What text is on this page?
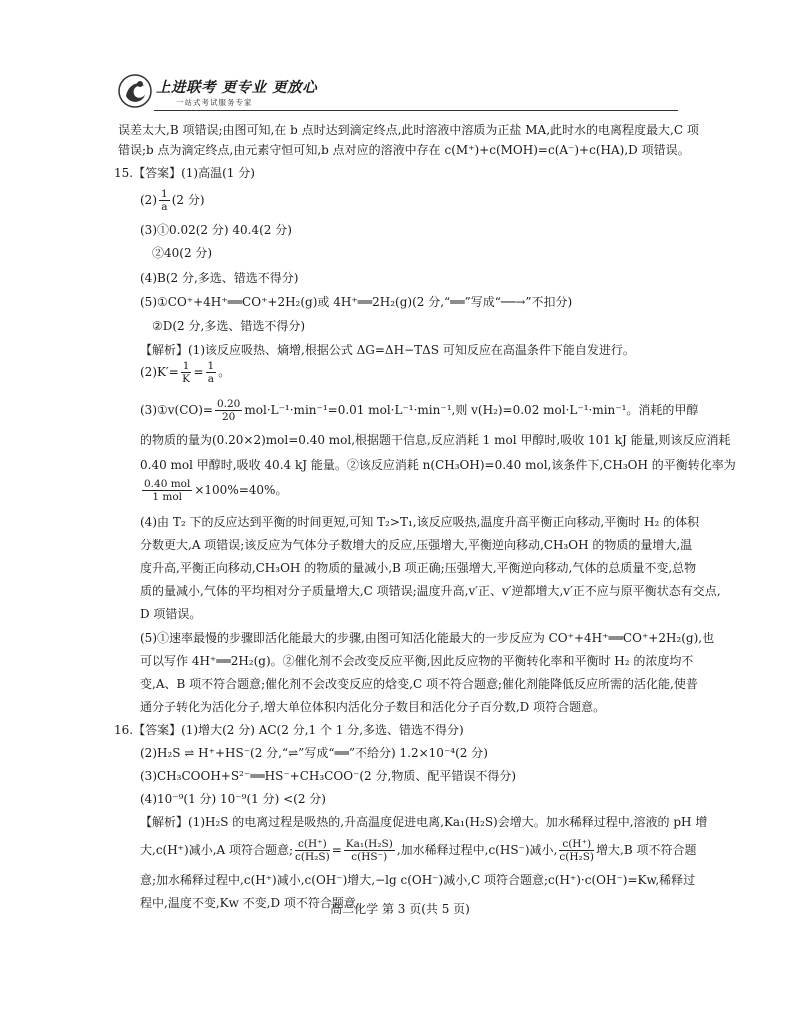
上进联考 更专业 更放心
一站式考试服务专家
误差太大,B 项错误;由图可知,在 b 点时达到滴定终点,此时溶液中溶质为正盐 MA,此时水的电离程度最大,C 项
错误;b 点为滴定终点,由元素守恒可知,b 点对应的溶液中存在 c(M⁺)+c(MOH)=c(A⁻)+c(HA),D 项错误。
15.【答案】(1)高温(1 分)
$(2) \frac{1}{a} (2$ 分)
(3)①0.02(2 分) 40.4(2 分)
②40(2 分)
(4)B(2 分,多选、错选不得分)
(5)①CO⁺+4H⁺══CO⁺+2H₂(g)或 4H⁺══2H₂(g)(2 分,“══”写成“──→”不扣分)
②D(2 分,多选、错选不得分)
【解析】(1)该反应吸热、熵增,根据公式 ΔG=ΔH−TΔS 可知反应在高温条件下能自发进行。
$(2)K'= \frac{1}{K} = \frac{1}{a}$ 。
(3)①v(CO)= $\frac{0.20}{20} mol\cdot L^{-1}\cdot\min^{-1}=0.01$ mol·L⁻¹·min⁻¹,则 v(H₂)=0.02 mol·L⁻¹·min⁻¹。消耗的甲醇
的物质的量为(0.20×2)mol=0.40 mol,根据题干信息,反应消耗 1 mol 甲醇时,吸收 101 kJ 能量,则该反应消耗
0.40 mol 甲醇时,吸收 40.4 kJ 能量。②该反应消耗 n(CH₃OH)=0.40 mol,该条件下,CH₃OH 的平衡转化率为
$\frac{\text{0.40 mol}}{\text{1 mol}} \times 100\%=40\%$。
(4)由 T₂ 下的反应达到平衡的时间更短,可知 T₂>T₁,该反应吸热,温度升高平衡正向移动,平衡时 H₂ 的体积
分数更大,A 项错误;该反应为气体分子数增大的反应,压强增大,平衡逆向移动,CH₃OH 的物质的量增大,温
度升高,平衡正向移动,CH₃OH 的物质的量减小,B 项正确;压强增大,平衡逆向移动,气体的总质量不变,总物
质的量减小,气体的平均相对分子质量增大,C 项错误;温度升高,v′正、v′逆都增大,v′正不应与原平衡状态有交点,
D 项错误。
(5)①速率最慢的步骤即活化能最大的步骤,由图可知活化能最大的一步反应为 CO⁺+4H⁺══CO⁺+2H₂(g),也
可以写作 4H⁺══2H₂(g)。②催化剂不会改变反应平衡,因此反应物的平衡转化率和平衡时 H₂ 的浓度均不
变,A、B 项不符合题意;催化剂不会改变反应的焓变,C 项不符合题意;催化剂能降低反应所需的活化能,使普
通分子转化为活化分子,增大单位体积内活化分子数目和活化分子百分数,D 项符合题意。
16.【答案】(1)增大(2 分) AC(2 分,1 个 1 分,多选、错选不得分)
(2)H₂S ⇌ H⁺+HS⁻(2 分,“⇌”写成“══”不给分) 1.2×10⁻⁴(2 分)
(3)CH₃COOH+S²⁻══HS⁻+CH₃COO⁻(2 分,物质、配平错误不得分)
(4)10⁻⁹(1 分) 10⁻⁹(1 分) <(2 分)
【解析】(1)H₂S 的电离过程是吸热的,升高温度促进电离,Ka₁(H₂S)会增大。加水稀释过程中,溶液的 pH 增
大,c(H⁺)减小,A 项符合题意; $\frac{c(H^+)}{\text{c(H₂S)}} = \frac{\text{Ka₁(H₂S)}}{c(HS^-)}$ ,加水稀释过程中,c(HS⁻)减小, $\frac{c(H^+)}{\text{c(H₂S)}}$ 增大,B 项不符合题
意;加水稀释过程中,c(H⁺)减小,c(OH⁻)增大,−lg c(OH⁻)减小,C 项符合题意;c(H⁺)·c(OH⁻)=Kw,稀释过
程中,温度不变,Kw 不变,D 项不符合题意。
高二化学 第 3 页(共 5 页)
